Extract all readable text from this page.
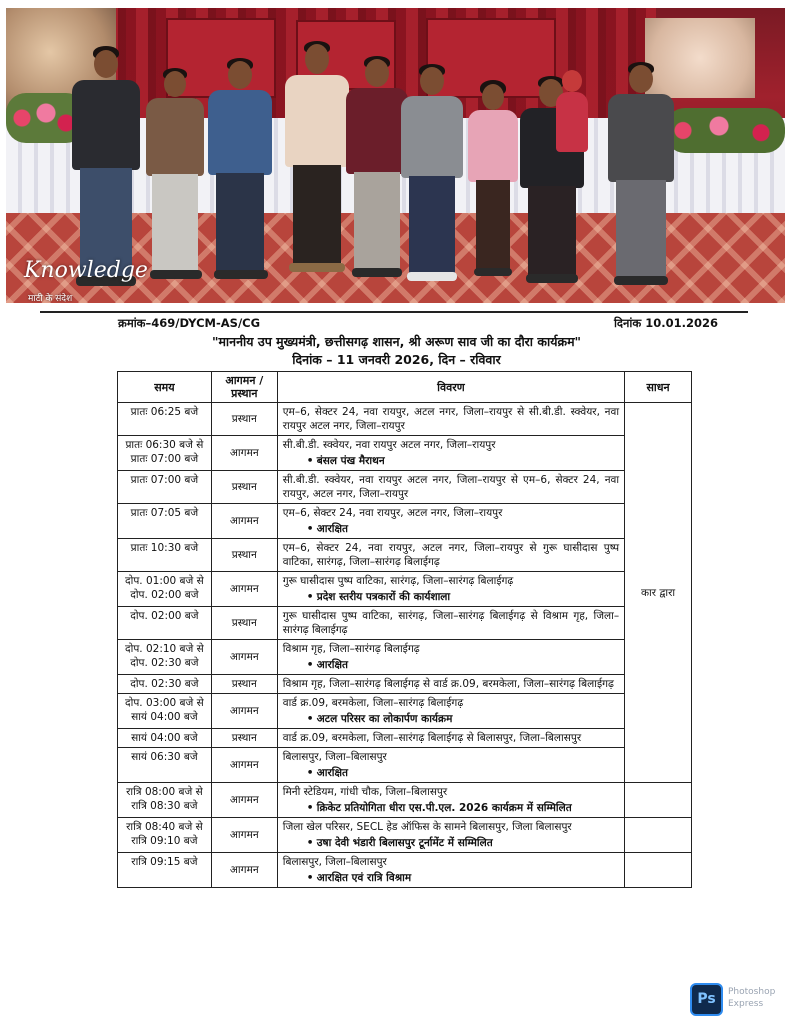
Knowledge
माटी के संदेश
क्रमांक–469/DYCM-AS/CG	दिनांक 10.01.2026
"माननीय उप मुख्यमंत्री, छत्तीसगढ़ शासन, श्री अरूण साव जी का दौरा कार्यक्रम"
दिनांक – 11 जनवरी 2026, दिन – रविवार
समय	आगमन / प्रस्थान	विवरण	साधन
प्रातः 06:25 बजे	प्रस्थान	एम–6, सेक्टर 24, नवा रायपुर, अटल नगर, जिला–रायपुर से सी.बी.डी. स्क्वेयर, नवा रायपुर अटल नगर, जिला–रायपुर	कार द्वारा
प्रातः 06:30 बजे से प्रातः 07:00 बजे	आगमन	सी.बी.डी. स्क्वेयर, नवा रायपुर अटल नगर, जिला–रायपुर
• बंसल पंख मैराथन

प्रातः 07:00 बजे	प्रस्थान	सी.बी.डी. स्क्वेयर, नवा रायपुर अटल नगर, जिला–रायपुर से एम–6, सेक्टर 24, नवा रायपुर, अटल नगर, जिला–रायपुर	
प्रातः 07:05 बजे	आगमन	एम–6, सेक्टर 24, नवा रायपुर, अटल नगर, जिला–रायपुर
• आरक्षित

प्रातः 10:30 बजे	प्रस्थान	एम–6, सेक्टर 24, नवा रायपुर, अटल नगर, जिला–रायपुर से गुरू घासीदास पुष्प वाटिका, सारंगढ़, जिला–सारंगढ़ बिलाईगढ़	
दोप. 01:00 बजे से दोप. 02:00 बजे	आगमन	गुरू घासीदास पुष्प वाटिका, सारंगढ़, जिला–सारंगढ़ बिलाईगढ़
• प्रदेश स्तरीय पत्रकारों की कार्यशाला

दोप. 02:00 बजे	प्रस्थान	गुरू घासीदास पुष्प वाटिका, सारंगढ़, जिला–सारंगढ़ बिलाईगढ़ से विश्राम गृह, जिला–सारंगढ़ बिलाईगढ़	
दोप. 02:10 बजे से दोप. 02:30 बजे	आगमन	विश्राम गृह, जिला–सारंगढ़ बिलाईगढ़
• आरक्षित

दोप. 02:30 बजे	प्रस्थान	विश्राम गृह, जिला–सारंगढ़ बिलाईगढ़ से वार्ड क्र.09, बरमकेला, जिला–सारंगढ़ बिलाईगढ़	
दोप. 03:00 बजे से सायं 04:00 बजे	आगमन	वार्ड क्र.09, बरमकेला, जिला–सारंगढ़ बिलाईगढ़
• अटल परिसर का लोकार्पण कार्यक्रम

सायं 04:00 बजे	प्रस्थान	वार्ड क्र.09, बरमकेला, जिला–सारंगढ़ बिलाईगढ़ से बिलासपुर, जिला–बिलासपुर	
सायं 06:30 बजे	आगमन	बिलासपुर, जिला–बिलासपुर
• आरक्षित

रात्रि 08:00 बजे से रात्रि 08:30 बजे	आगमन	मिनी स्टेडियम, गांधी चौक, जिला–बिलासपुर
• क्रिकेट प्रतियोगिता धीरा एस.पी.एल. 2026 कार्यक्रम में सम्मिलित

रात्रि 08:40 बजे से रात्रि 09:10 बजे	आगमन	जिला खेल परिसर, SECL हेड ऑफिस के सामने बिलासपुर, जिला बिलासपुर
• उषा देवी भंडारी बिलासपुर टूर्नामेंट में सम्मिलित

रात्रि 09:15 बजे	आगमन	बिलासपुर, जिला–बिलासपुर
• आरक्षित एवं रात्रि विश्राम

Ps	Photoshop
Express
